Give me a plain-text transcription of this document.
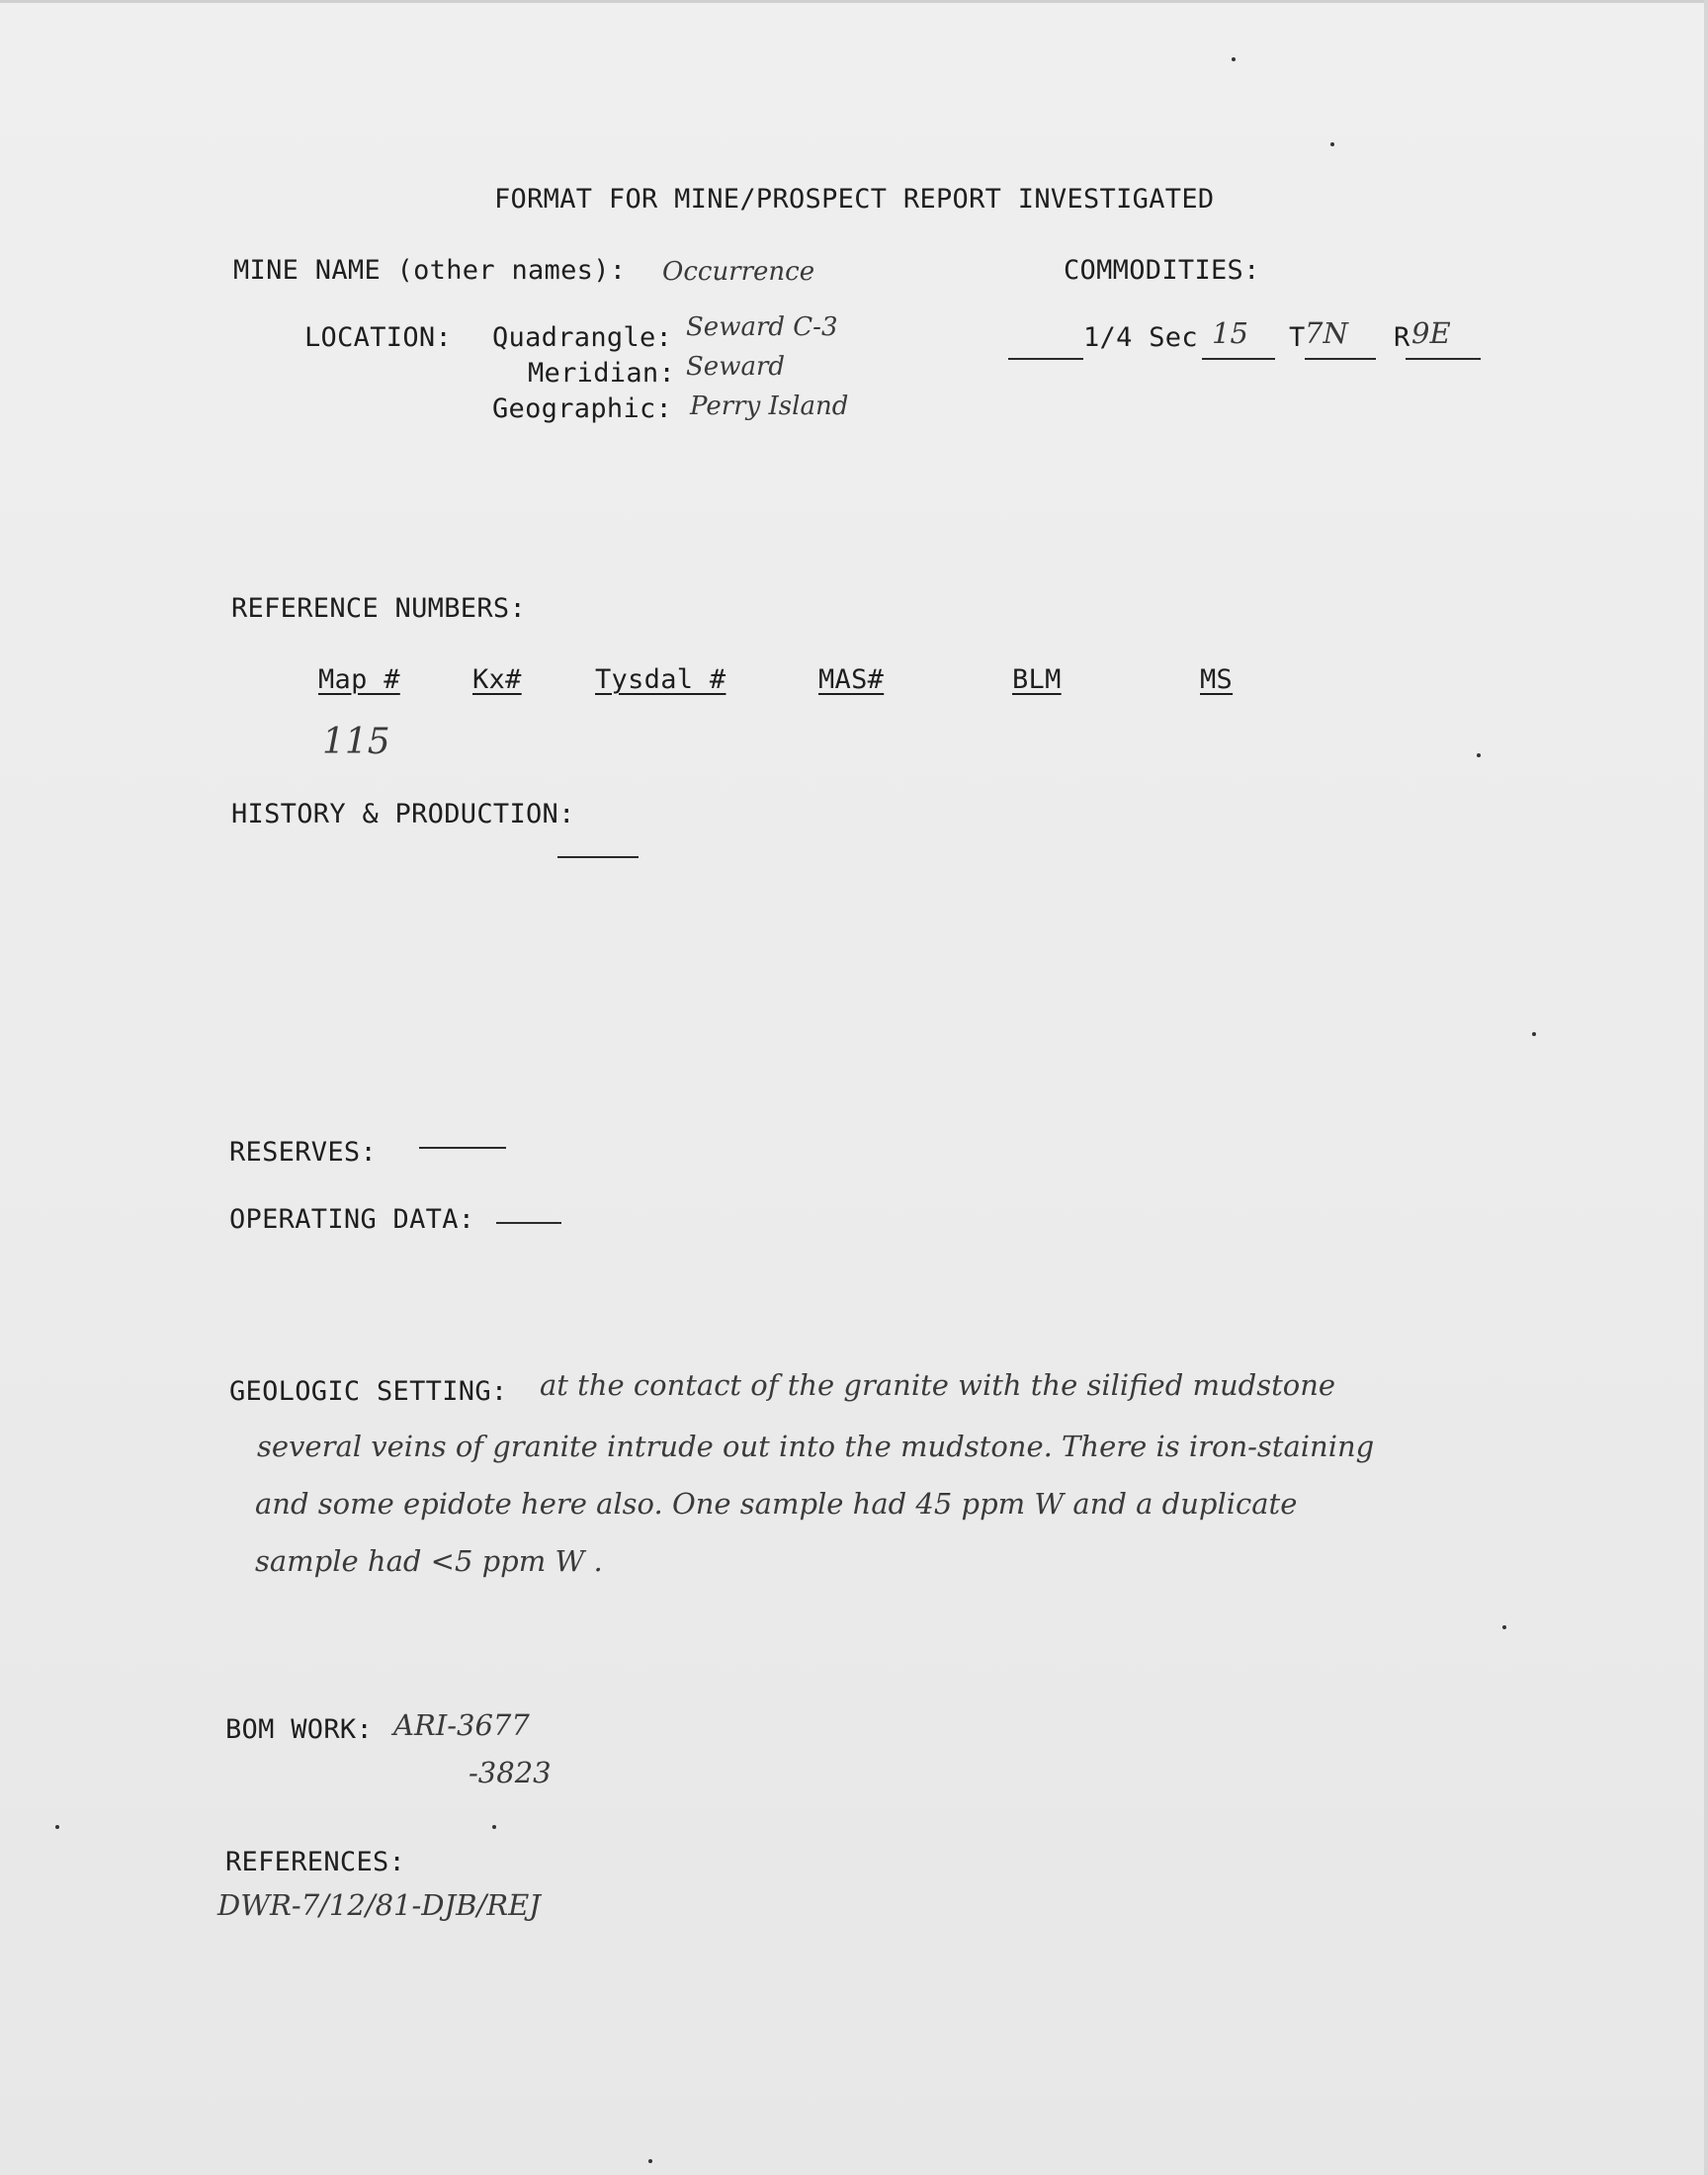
FORMAT FOR MINE/PROSPECT REPORT INVESTIGATED
MINE NAME (other names): Occurrence	COMMODITIES:
LOCATION: Quadrangle: Seward C-3
Meridian: Seward
Geographic: Perry Island
1/4 Sec 15 T 7N R 9E
REFERENCE NUMBERS:
Map #	Kx#	Tysdal #	MAS#	BLM	MS
115
HISTORY & PRODUCTION:
RESERVES:
OPERATING DATA:
GEOLOGIC SETTING: at the contact of the granite with the silified mudstone
several veins of granite intrude out into the mudstone. There is iron-staining
and some epidote here also. One sample had 45 ppm W and a duplicate
sample had <5 ppm W .
BOM WORK: ARI-3677
-3823
REFERENCES:
DWR-7/12/81-DJB/REJ
